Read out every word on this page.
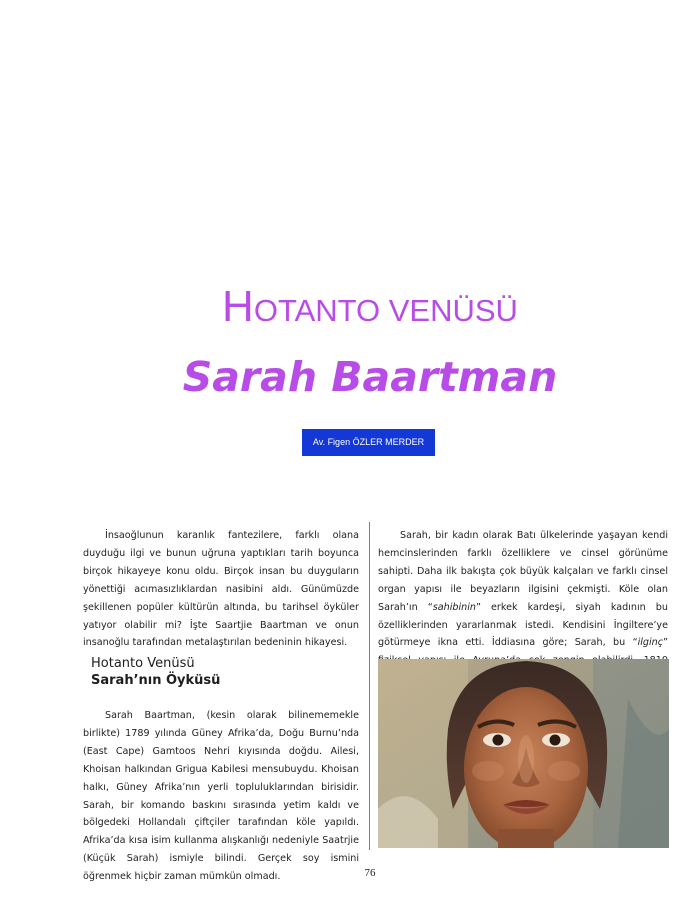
HOTANTO VENÜSÜ
Sarah Baartman
Av. Figen ÖZLER MERDER

İnsaoğlunun karanlık fantezilere, farklı olana duyduğu ilgi ve bunun uğruna yaptıkları tarih boyunca birçok hikayeye konu oldu. Birçok insan bu duyguların yönettiği acımasızlıklardan nasibini aldı. Günümüzde şekillenen popüler kültürün altında, bu tarihsel öyküler yatıyor olabilir mi? İşte Saartjie Baartman ve onun insanoğlu tarafından metalaştırılan bedeninin hikayesi.

Hotanto Venüsü
Sarah’nın Öyküsü

Sarah Baartman, (kesin olarak bilinememekle birlikte) 1789 yılında Güney Afrika’da, Doğu Burnu’nda (East Cape) Gamtoos Nehri kıyısında doğdu. Ailesi, Khoisan halkından Grigua Kabilesi mensubuydu. Khoisan halkı, Güney Afrika’nın yerli topluluklarından birisidir. Sarah, bir komando baskını sırasında yetim kaldı ve bölgedeki Hollandalı çiftçiler tarafından köle yapıldı. Afrika’da kısa isim kullanma alışkanlığı nedeniyle Saatrjie (Küçük Sarah) ismiyle bilindi. Gerçek soy ismini öğrenmek hiçbir zaman mümkün olmadı.

Sarah, bir kadın olarak Batı ülkelerinde yaşayan kendi hemcinslerinden farklı özelliklere ve cinsel görünüme sahipti. Daha ilk bakışta çok büyük kalçaları ve farklı cinsel organ yapısı ile beyazların ilgisini çekmişti. Köle olan Sarah’ın “sahibinin” erkek kardeşi, siyah kadının bu özelliklerinden yararlanmak istedi. Kendisini İngiltere’ye götürmeye ikna etti. İddiasına göre; Sarah, bu “ilginç”

76
